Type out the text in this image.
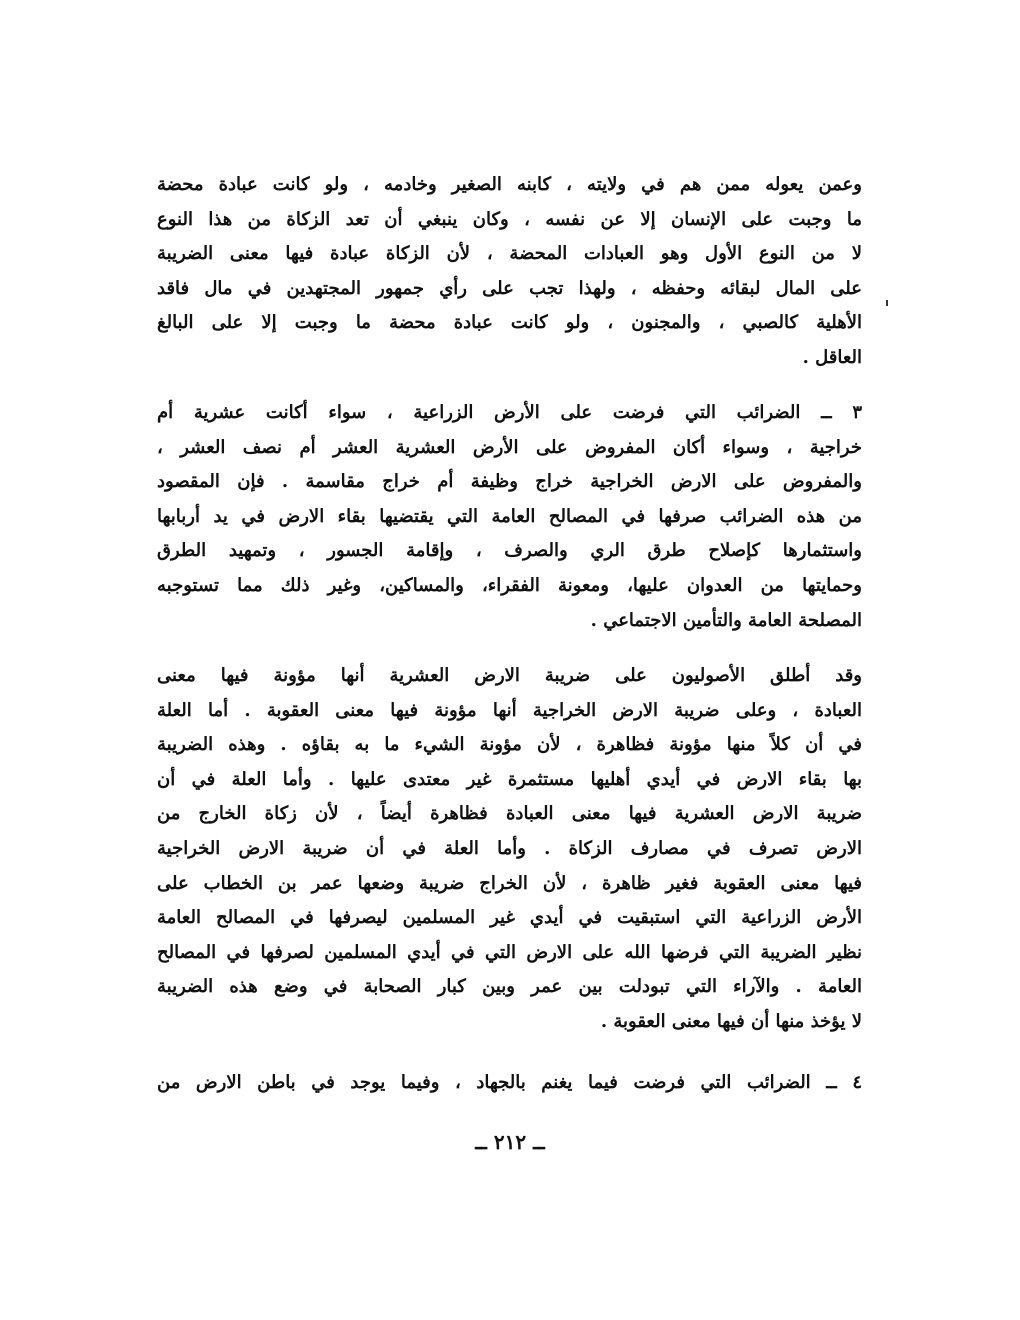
وعمن يعوله ممن هم في ولايته ، كابنه الصغير وخادمه ، ولو كانت عبادة محضة
ما وجبت على الإنسان إلا عن نفسه ، وكان ينبغي أن تعد الزكاة من هذا النوع
لا من النوع الأول وهو العبادات المحضة ، لأن الزكاة عبادة فيها معنى الضريبة
على المال لبقائه وحفظه ، ولهذا تجب على رأي جمهور المجتهدين في مال فاقد
الأهلية كالصبي ، والمجنون ، ولو كانت عبادة محضة ما وجبت إلا على البالغ
العاقل .
٣ ــ الضرائب التي فرضت على الأرض الزراعية ، سواء أكانت عشرية أم
خراجية ، وسواء أكان المفروض على الأرض العشرية العشر أم نصف العشر ،
والمفروض على الارض الخراجية خراج وظيفة أم خراج مقاسمة . فإن المقصود
من هذه الضرائب صرفها في المصالح العامة التي يقتضيها بقاء الارض في يد أربابها
واستثمارها كإصلاح طرق الري والصرف ، وإقامة الجسور ، وتمهيد الطرق
وحمايتها من العدوان عليها، ومعونة الفقراء، والمساكين، وغير ذلك مما تستوجبه
المصلحة العامة والتأمين الاجتماعي .
وقد أطلق الأصوليون على ضريبة الارض العشرية أنها مؤونة فيها معنى
العبادة ، وعلى ضريبة الارض الخراجية أنها مؤونة فيها معنى العقوبة . أما العلة
في أن كلاً منها مؤونة فظاهرة ، لأن مؤونة الشيء ما به بقاؤه . وهذه الضريبة
بها بقاء الارض في أيدي أهليها مستثمرة غير معتدى عليها . وأما العلة في أن
ضريبة الارض العشرية فيها معنى العبادة فظاهرة أيضاً ، لأن زكاة الخارج من
الارض تصرف في مصارف الزكاة . وأما العلة في أن ضريبة الارض الخراجية
فيها معنى العقوبة فغير ظاهرة ، لأن الخراج ضريبة وضعها عمر بن الخطاب على
الأرض الزراعية التي استبقيت في أيدي غير المسلمين ليصرفها في المصالح العامة
نظير الضريبة التي فرضها الله على الارض التي في أيدي المسلمين لصرفها في المصالح
العامة . والآراء التي تبودلت بين عمر وبين كبار الصحابة في وضع هذه الضريبة
لا يؤخذ منها أن فيها معنى العقوبة .
٤ ــ الضرائب التي فرضت فيما يغنم بالجهاد ، وفيما يوجد في باطن الارض من
ــ ٢١٢ ــ
